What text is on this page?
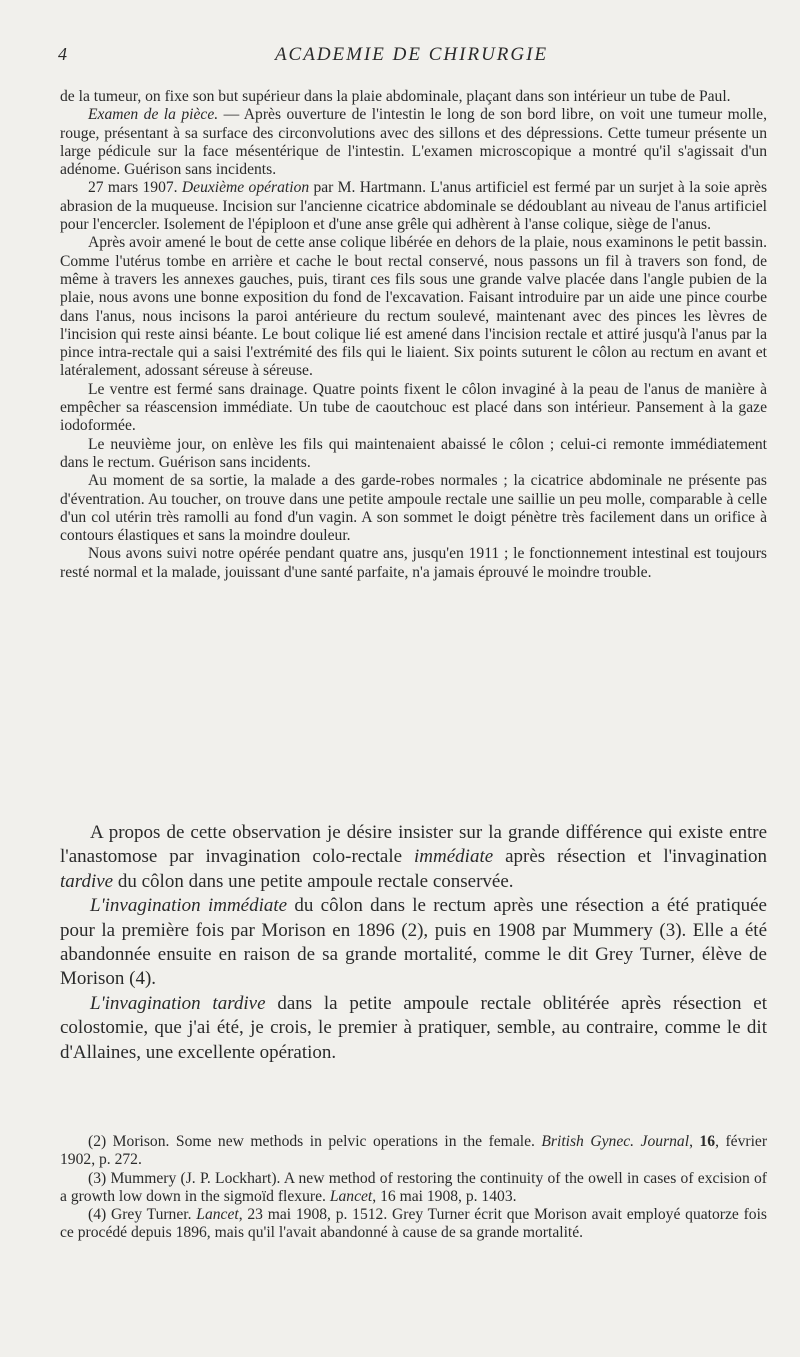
4	ACADEMIE DE CHIRURGIE

de la tumeur, on fixe son but supérieur dans la plaie abdominale, plaçant dans son intérieur un tube de Paul.

Examen de la pièce. — Après ouverture de l'intestin le long de son bord libre, on voit une tumeur molle, rouge, présentant à sa surface des circonvolutions avec des sillons et des dépressions. Cette tumeur présente un large pédicule sur la face mésentérique de l'intestin. L'examen microscopique a montré qu'il s'agissait d'un adénome. Guérison sans incidents.

27 mars 1907. Deuxième opération par M. Hartmann. L'anus artificiel est fermé par un surjet à la soie après abrasion de la muqueuse. Incision sur l'ancienne cicatrice abdominale se dédoublant au niveau de l'anus artificiel pour l'encercler. Isolement de l'épiploon et d'une anse grêle qui adhèrent à l'anse colique, siège de l'anus.

Après avoir amené le bout de cette anse colique libérée en dehors de la plaie, nous examinons le petit bassin. Comme l'utérus tombe en arrière et cache le bout rectal conservé, nous passons un fil à travers son fond, de même à travers les annexes gauches, puis, tirant ces fils sous une grande valve placée dans l'angle pubien de la plaie, nous avons une bonne exposition du fond de l'excavation. Faisant introduire par un aide une pince courbe dans l'anus, nous incisons la paroi antérieure du rectum soulevé, maintenant avec des pinces les lèvres de l'incision qui reste ainsi béante. Le bout colique lié est amené dans l'incision rectale et attiré jusqu'à l'anus par la pince intra-rectale qui a saisi l'extrémité des fils qui le liaient. Six points suturent le côlon au rectum en avant et latéralement, adossant séreuse à séreuse.

Le ventre est fermé sans drainage. Quatre points fixent le côlon invaginé à la peau de l'anus de manière à empêcher sa réascension immédiate. Un tube de caoutchouc est placé dans son intérieur. Pansement à la gaze iodoformée.

Le neuvième jour, on enlève les fils qui maintenaient abaissé le côlon ; celui-ci remonte immédiatement dans le rectum. Guérison sans incidents.

Au moment de sa sortie, la malade a des garde-robes normales ; la cicatrice abdominale ne présente pas d'éventration. Au toucher, on trouve dans une petite ampoule rectale une saillie un peu molle, comparable à celle d'un col utérin très ramolli au fond d'un vagin. A son sommet le doigt pénètre très facilement dans un orifice à contours élastiques et sans la moindre douleur.

Nous avons suivi notre opérée pendant quatre ans, jusqu'en 1911 ; le fonctionnement intestinal est toujours resté normal et la malade, jouissant d'une santé parfaite, n'a jamais éprouvé le moindre trouble.

A propos de cette observation je désire insister sur la grande différence qui existe entre l'anastomose par invagination colo-rectale immédiate après résection et l'invagination tardive du côlon dans une petite ampoule rectale conservée.

L'invagination immédiate du côlon dans le rectum après une résection a été pratiquée pour la première fois par Morison en 1896 (2), puis en 1908 par Mummery (3). Elle a été abandonnée ensuite en raison de sa grande mortalité, comme le dit Grey Turner, élève de Morison (4).

L'invagination tardive dans la petite ampoule rectale oblitérée après résection et colostomie, que j'ai été, je crois, le premier à pratiquer, semble, au contraire, comme le dit d'Allaines, une excellente opération.

(2) Morison. Some new methods in pelvic operations in the female. British Gynec. Journal, 16, février 1902, p. 272.

(3) Mummery (J. P. Lockhart). A new method of restoring the continuity of the owell in cases of excision of a growth low down in the sigmoïd flexure. Lancet, 16 mai 1908, p. 1403.

(4) Grey Turner. Lancet, 23 mai 1908, p. 1512. Grey Turner écrit que Morison avait employé quatorze fois ce procédé depuis 1896, mais qu'il l'avait abandonné à cause de sa grande mortalité.
